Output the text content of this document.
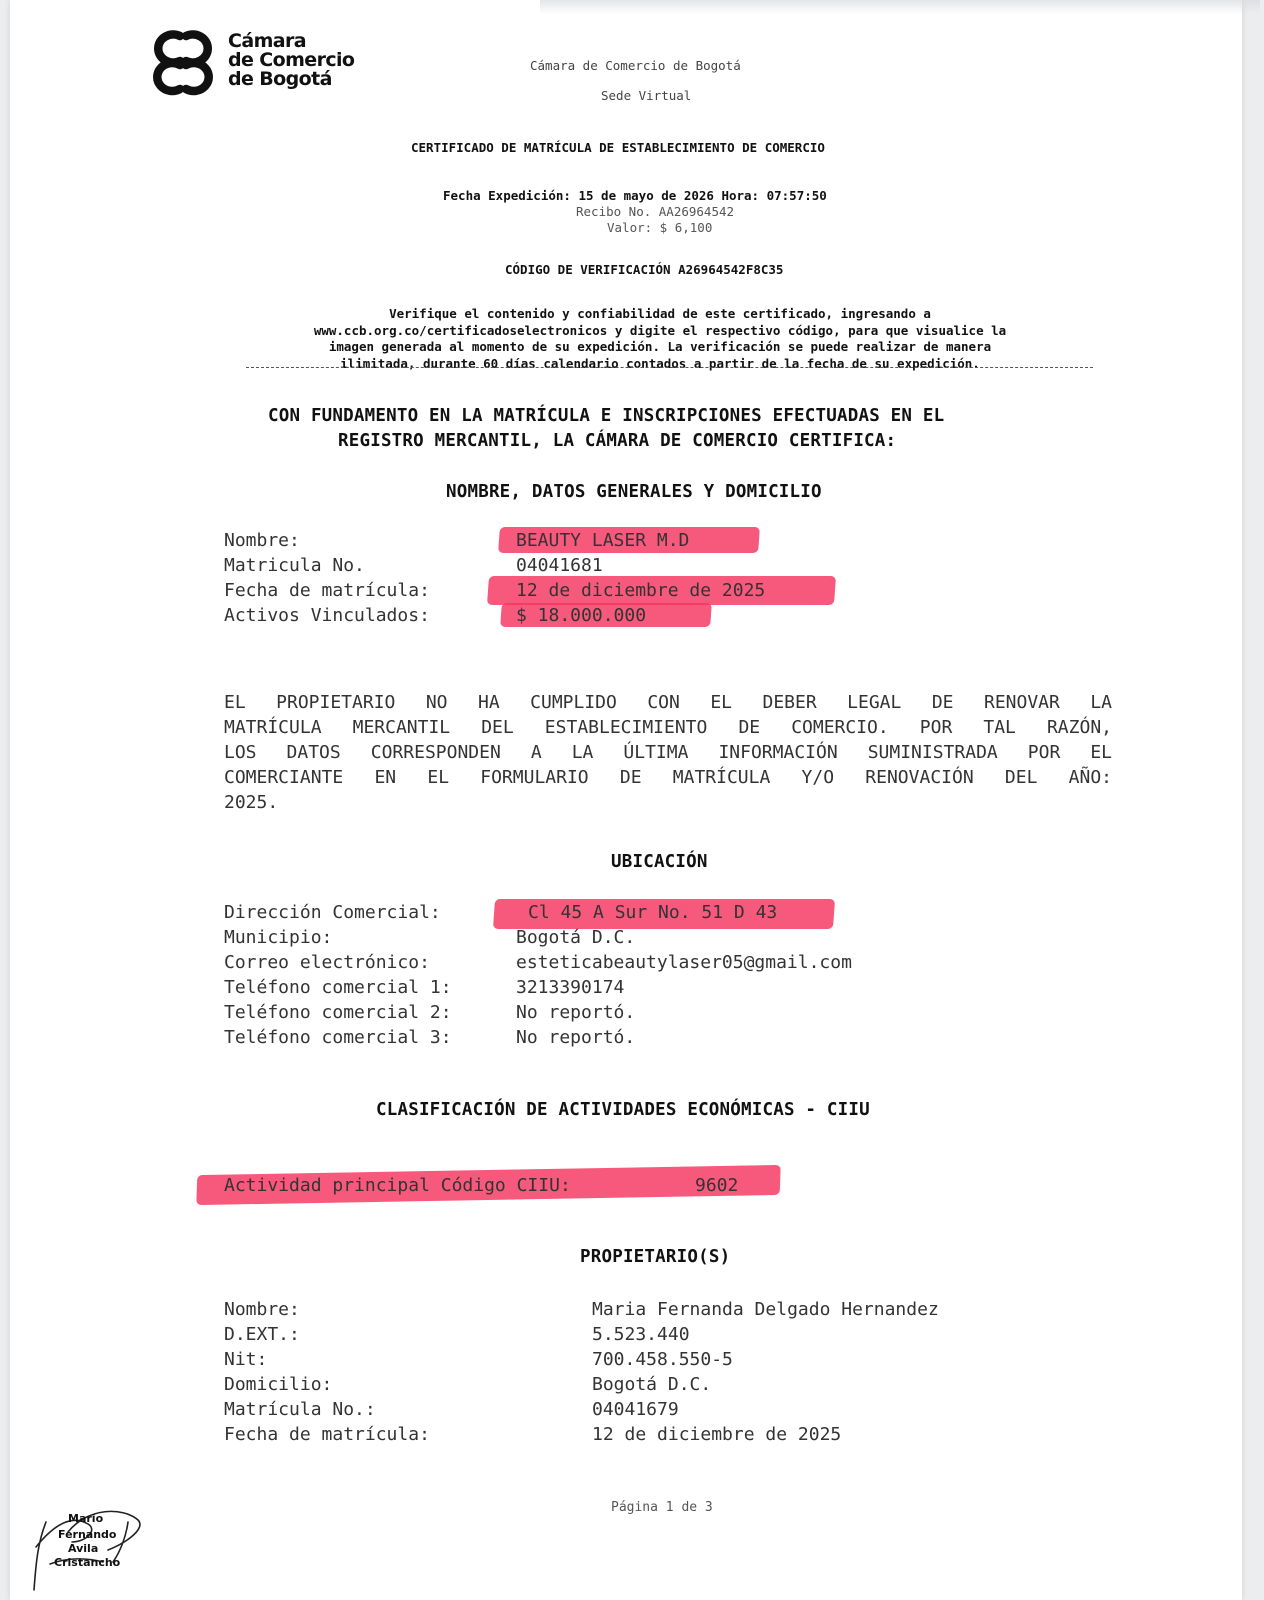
Cámara
de Comercio
de Bogotá
Cámara de Comercio de Bogotá
Sede Virtual
CERTIFICADO DE MATRÍCULA DE ESTABLECIMIENTO DE COMERCIO
Fecha Expedición: 15 de mayo de 2026 Hora: 07:57:50
Recibo No. AA26964542
Valor: $ 6,100
CÓDIGO DE VERIFICACIÓN A26964542F8C35
Verifique el contenido y confiabilidad de este certificado, ingresando a
www.ccb.org.co/certificadoselectronicos y digite el respectivo código, para que visualice la
imagen generada al momento de su expedición. La verificación se puede realizar de manera
ilimitada, durante 60 días calendario contados a partir de la fecha de su expedición.
CON FUNDAMENTO EN LA MATRÍCULA E INSCRIPCIONES EFECTUADAS EN EL
REGISTRO MERCANTIL, LA CÁMARA DE COMERCIO CERTIFICA:
NOMBRE, DATOS GENERALES Y DOMICILIO
Nombre:	BEAUTY LASER M.D
Matricula No.	04041681
Fecha de matrícula:	12 de diciembre de 2025
Activos Vinculados:	$ 18.000.000
EL PROPIETARIO NO HA CUMPLIDO CON EL DEBER LEGAL DE RENOVAR LA
MATRÍCULA MERCANTIL DEL ESTABLECIMIENTO DE COMERCIO. POR TAL RAZÓN,
LOS DATOS CORRESPONDEN A LA ÚLTIMA INFORMACIÓN SUMINISTRADA POR EL
COMERCIANTE EN EL FORMULARIO DE MATRÍCULA Y/O RENOVACIÓN DEL AÑO:
2025.
UBICACIÓN
Dirección Comercial:	Cl 45 A Sur No. 51 D 43
Municipio:	Bogotá D.C.
Correo electrónico:	esteticabeautylaser05@gmail.com
Teléfono comercial 1:	3213390174
Teléfono comercial 2:	No reportó.
Teléfono comercial 3:	No reportó.
CLASIFICACIÓN DE ACTIVIDADES ECONÓMICAS - CIIU
Actividad principal Código CIIU:	9602
PROPIETARIO(S)
Nombre:	Maria Fernanda Delgado Hernandez
D.EXT.:	5.523.440
Nit:	700.458.550-5
Domicilio:	Bogotá D.C.
Matrícula No.:	04041679
Fecha de matrícula:	12 de diciembre de 2025
Página 1 de 3
Mario
Fernando
Avila
Cristancho
